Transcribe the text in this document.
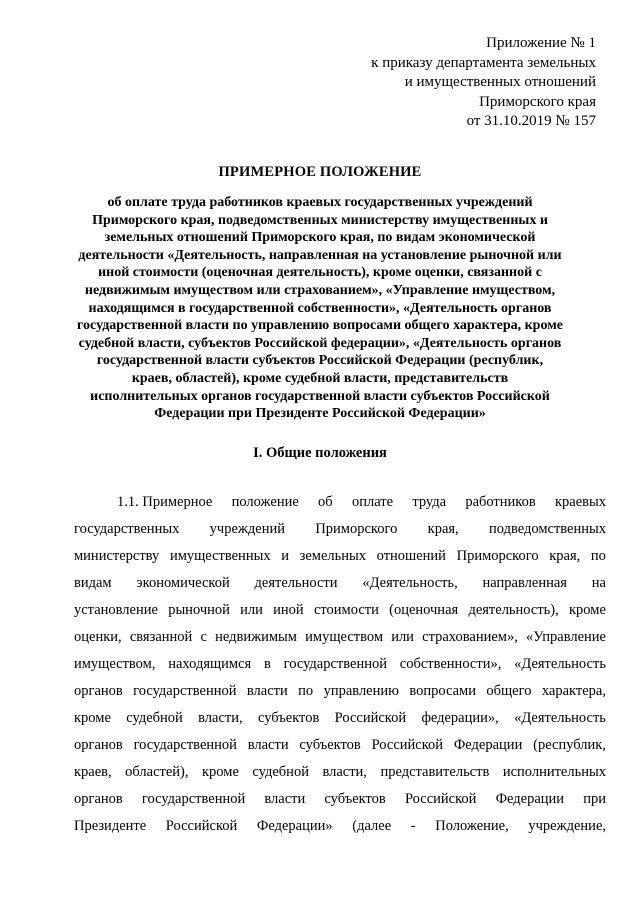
Приложение № 1
к приказу департамента земельных
и имущественных отношений
Приморского края
от 31.10.2019 № 157
ПРИМЕРНОЕ ПОЛОЖЕНИЕ
об оплате труда работников краевых государственных учреждений
Приморского края, подведомственных министерству имущественных и
земельных отношений Приморского края, по видам экономической
деятельности «Деятельность, направленная на установление рыночной или
иной стоимости (оценочная деятельность), кроме оценки, связанной с
недвижимым имуществом или страхованием», «Управление имуществом,
находящимся в государственной собственности», «Деятельность органов
государственной власти по управлению вопросами общего характера, кроме
судебной власти, субъектов Российской федерации», «Деятельность органов
государственной власти субъектов Российской Федерации (республик,
краев, областей), кроме судебной власти, представительств
исполнительных органов государственной власти субъектов Российской
Федерации при Президенте Российской Федерации»
I. Общие положения
1.1. Примерное положение об оплате труда работников краевых
государственных учреждений Приморского края, подведомственных
министерству имущественных и земельных отношений Приморского края, по
видам экономической деятельности «Деятельность, направленная на
установление рыночной или иной стоимости (оценочная деятельность), кроме
оценки, связанной с недвижимым имуществом или страхованием», «Управление
имуществом, находящимся в государственной собственности», «Деятельность
органов государственной власти по управлению вопросами общего характера,
кроме судебной власти, субъектов Российской федерации», «Деятельность
органов государственной власти субъектов Российской Федерации (республик,
краев, областей), кроме судебной власти, представительств исполнительных
органов государственной власти субъектов Российской Федерации при
Президенте Российской Федерации» (далее - Положение, учреждение,
